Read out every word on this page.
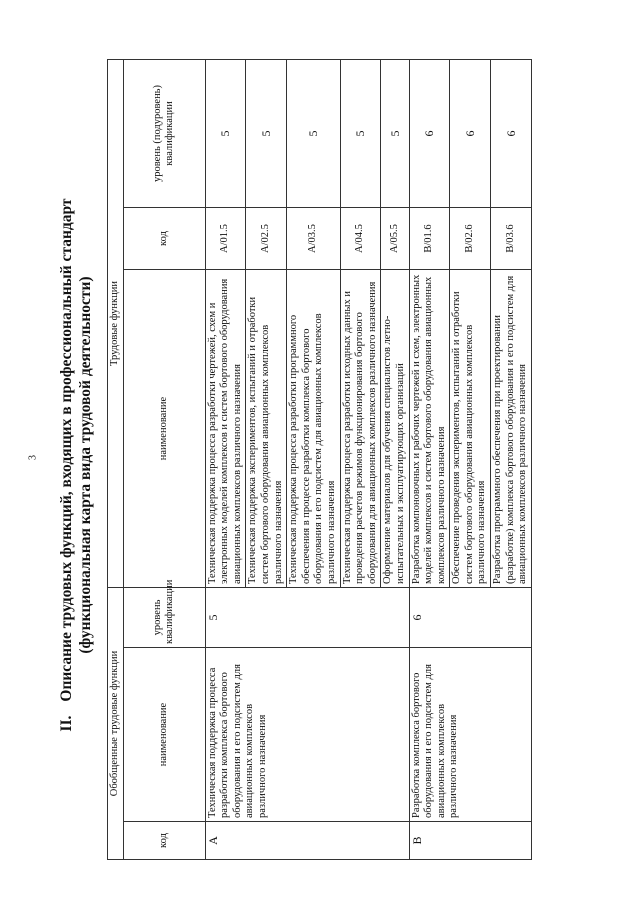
3
II.Описание трудовых функций, входящих в профессиональный стандарт (функциональная карта вида трудовой деятельности)
Обобщенные трудовые функции			Трудовые функции		
код	наименование	уровень квалификации	наименование	код	уровень (подуровень) квалификации
A	Техническая поддержка процесса разработки комплекса бортового оборудования и его подсистем для авиационных комплексов различного назначения	5	Техническая поддержка процесса разработки чертежей, схем и электронных моделей комплексов и систем бортового оборудования авиационных комплексов различного назначения	A/01.5	5
			Техническая поддержка экспериментов, испытаний и отработки систем бортового оборудования авиационных комплексов различного назначения	A/02.5	5
			Техническая поддержка процесса разработки программного обеспечения в процессе разработки комплекса бортового оборудования и его подсистем для авиационных комплексов различного назначения	A/03.5	5
			Техническая поддержка процесса разработки исходных данных и проведения расчетов режимов функционирования бортового оборудования для авиационных комплексов различного назначения	A/04.5	5
			Оформление материалов для обучения специалистов летно-испытательных и эксплуатирующих организаций	A/05.5	5
B	Разработка комплекса бортового оборудования и его подсистем для авиационных комплексов различного назначения	6	Разработка компоновочных и рабочих чертежей и схем, электронных моделей комплексов и систем бортового оборудования авиационных комплексов различного назначения	B/01.6	6
			Обеспечение проведения экспериментов, испытаний и отработки систем бортового оборудования авиационных комплексов различного назначения	B/02.6	6
			Разработка программного обеспечения при проектировании (разработке) комплекса бортового оборудования и его подсистем для авиационных комплексов различного назначения	B/03.6	6
